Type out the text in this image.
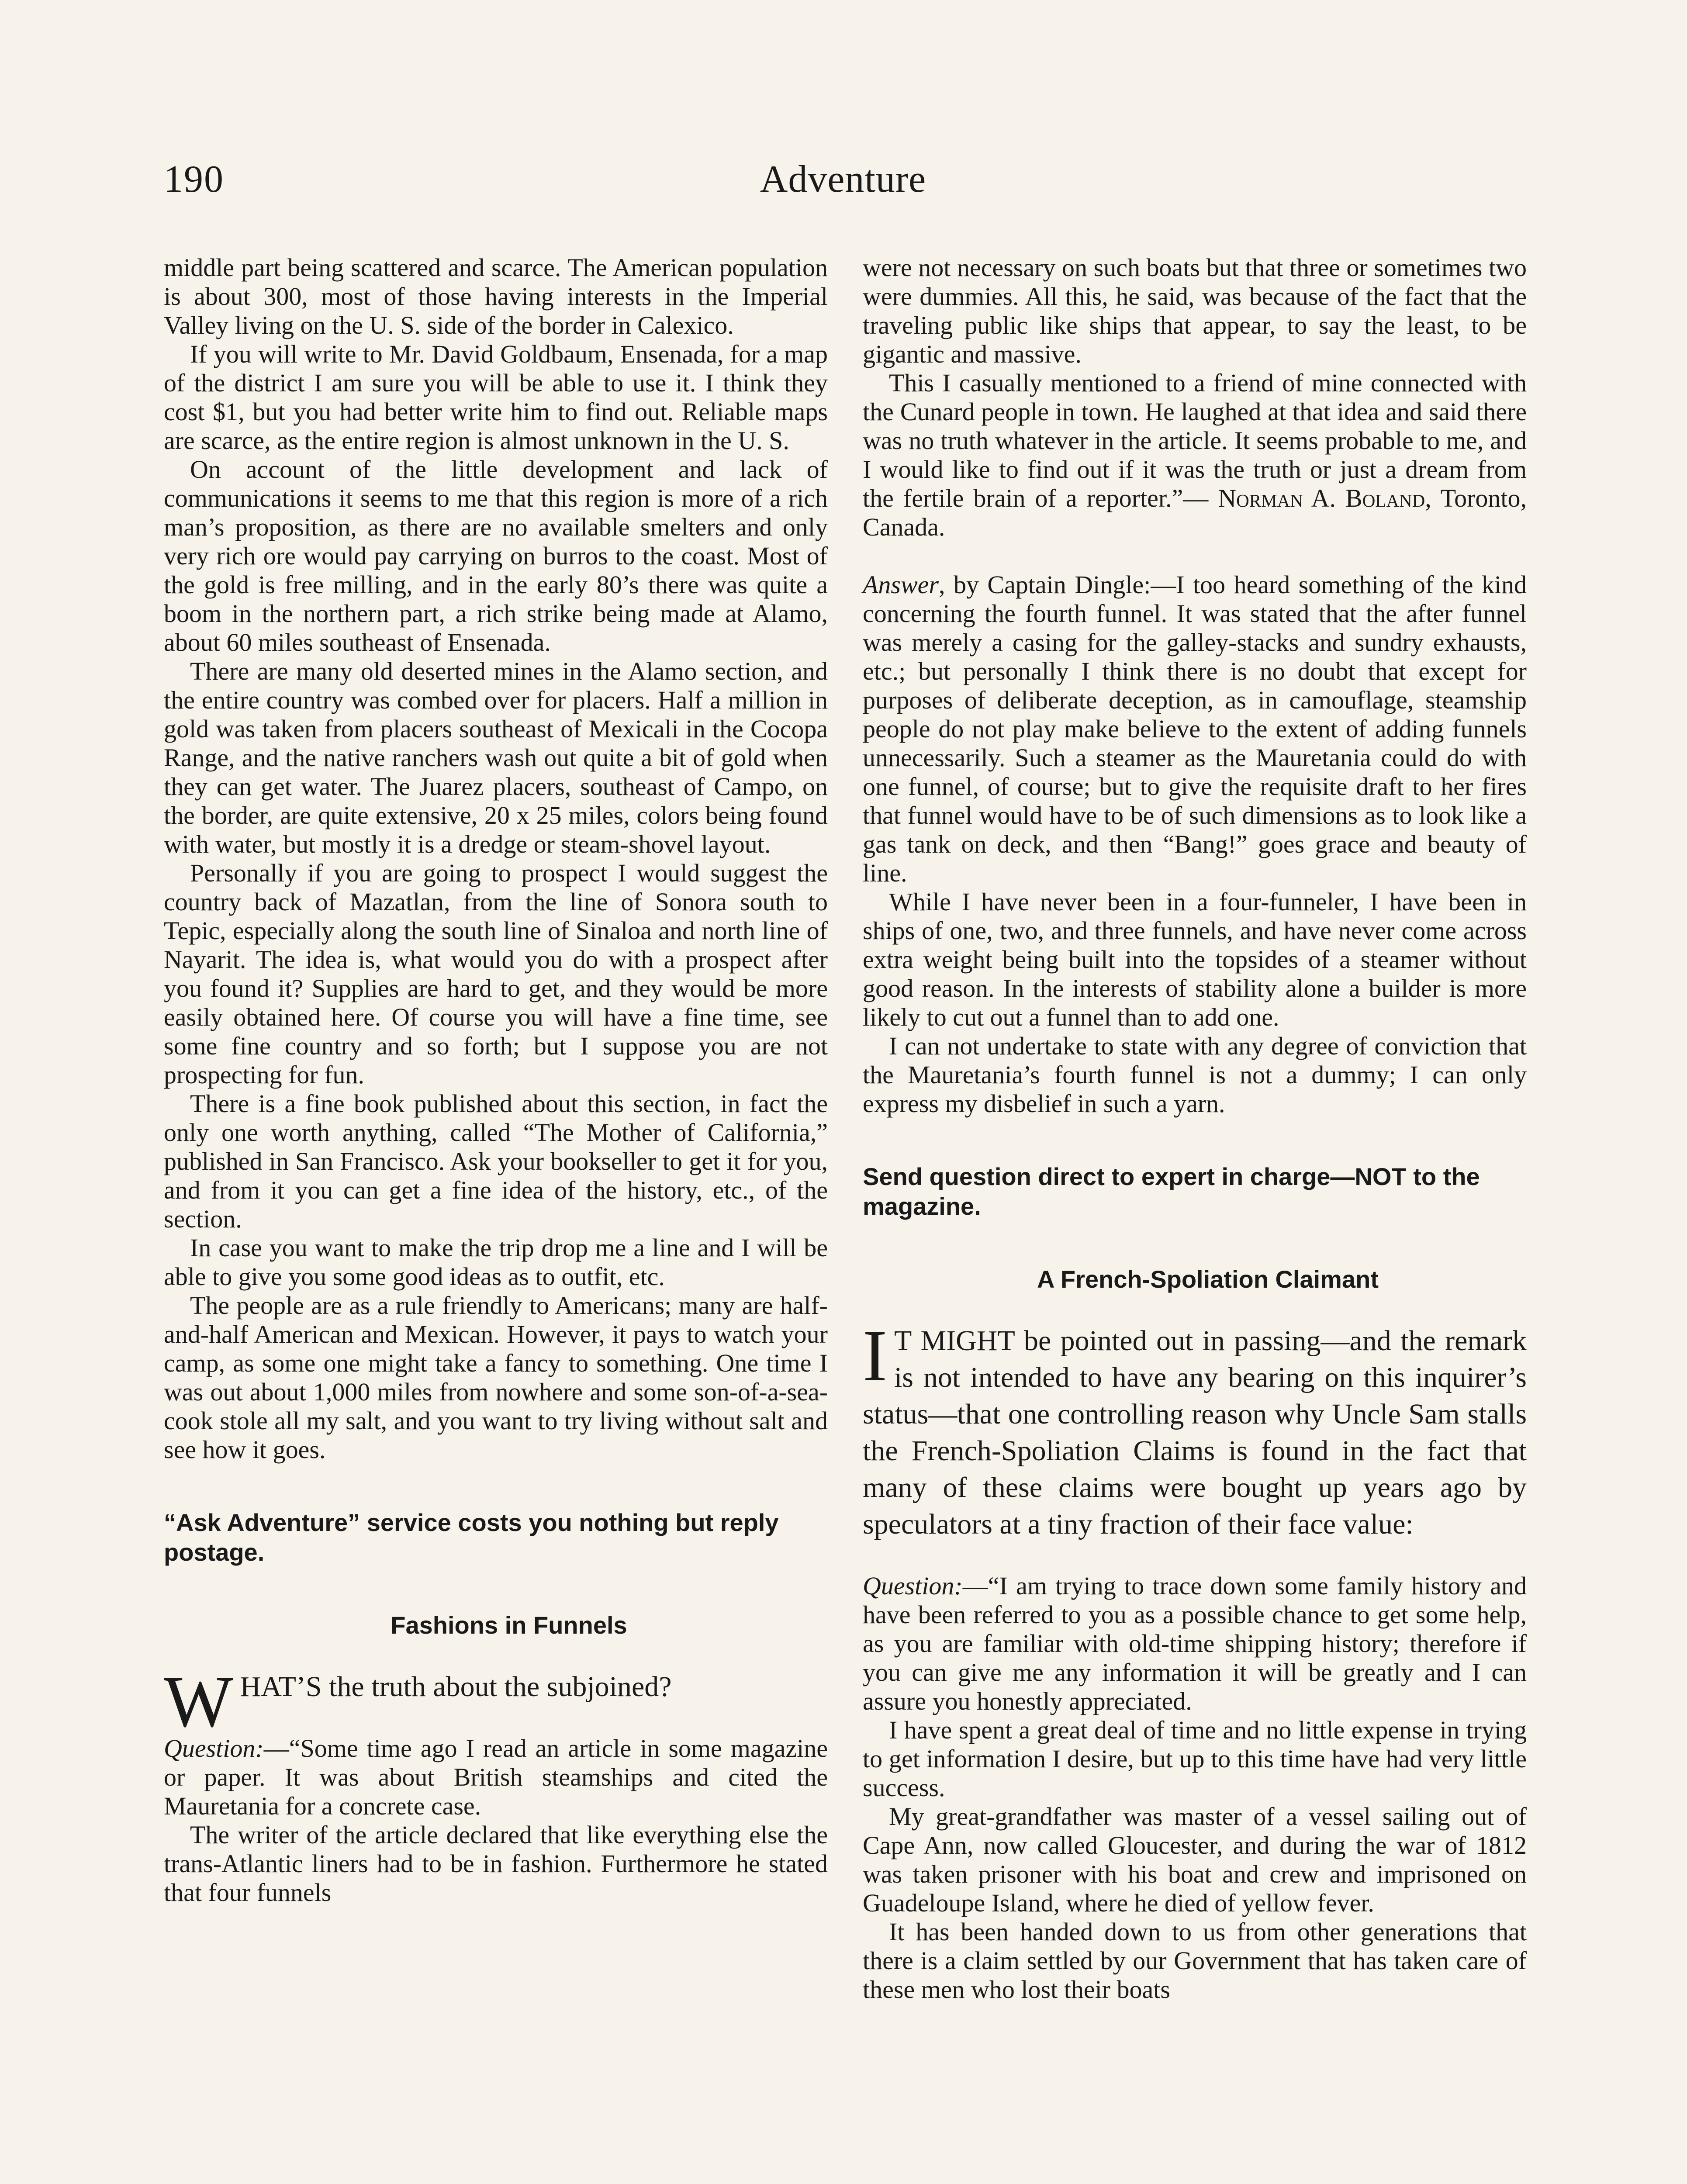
190	Adventure

middle part being scattered and scarce. The American population is about 300, most of those having interests in the Imperial Valley living on the U. S. side of the border in Calexico.

If you will write to Mr. David Goldbaum, Ensenada, for a map of the district I am sure you will be able to use it. I think they cost $1, but you had better write him to find out. Reliable maps are scarce, as the entire region is almost unknown in the U. S.

On account of the little development and lack of communications it seems to me that this region is more of a rich man’s proposition, as there are no available smelters and only very rich ore would pay carrying on burros to the coast. Most of the gold is free milling, and in the early 80’s there was quite a boom in the northern part, a rich strike being made at Alamo, about 60 miles southeast of Ensenada.

There are many old deserted mines in the Alamo section, and the entire country was combed over for placers. Half a million in gold was taken from placers southeast of Mexicali in the Cocopa Range, and the native ranchers wash out quite a bit of gold when they can get water. The Juarez placers, southeast of Campo, on the border, are quite extensive, 20 x 25 miles, colors being found with water, but mostly it is a dredge or steam-shovel layout.

Personally if you are going to prospect I would suggest the country back of Mazatlan, from the line of Sonora south to Tepic, especially along the south line of Sinaloa and north line of Nayarit. The idea is, what would you do with a prospect after you found it? Supplies are hard to get, and they would be more easily obtained here. Of course you will have a fine time, see some fine country and so forth; but I suppose you are not prospecting for fun.

There is a fine book published about this section, in fact the only one worth anything, called “The Mother of California,” published in San Francisco. Ask your bookseller to get it for you, and from it you can get a fine idea of the history, etc., of the section.

In case you want to make the trip drop me a line and I will be able to give you some good ideas as to outfit, etc.

The people are as a rule friendly to Americans; many are half-and-half American and Mexican. However, it pays to watch your camp, as some one might take a fancy to something. One time I was out about 1,000 miles from nowhere and some son-of-a-sea-cook stole all my salt, and you want to try living without salt and see how it goes.

“Ask Adventure” service costs you nothing but reply postage.

Fashions in Funnels

WHAT’S the truth about the subjoined?

Question:—“Some time ago I read an article in some magazine or paper. It was about British steamships and cited the Mauretania for a concrete case.

The writer of the article declared that like everything else the trans-Atlantic liners had to be in fashion. Furthermore he stated that four funnels

were not necessary on such boats but that three or sometimes two were dummies. All this, he said, was because of the fact that the traveling public like ships that appear, to say the least, to be gigantic and massive.

This I casually mentioned to a friend of mine connected with the Cunard people in town. He laughed at that idea and said there was no truth whatever in the article. It seems probable to me, and I would like to find out if it was the truth or just a dream from the fertile brain of a reporter.”— Norman A. Boland, Toronto, Canada.

Answer, by Captain Dingle:—I too heard something of the kind concerning the fourth funnel. It was stated that the after funnel was merely a casing for the galley-stacks and sundry exhausts, etc.; but personally I think there is no doubt that except for purposes of deliberate deception, as in camouflage, steamship people do not play make believe to the extent of adding funnels unnecessarily. Such a steamer as the Mauretania could do with one funnel, of course; but to give the requisite draft to her fires that funnel would have to be of such dimensions as to look like a gas tank on deck, and then “Bang!” goes grace and beauty of line.

While I have never been in a four-funneler, I have been in ships of one, two, and three funnels, and have never come across extra weight being built into the topsides of a steamer without good reason. In the interests of stability alone a builder is more likely to cut out a funnel than to add one.

I can not undertake to state with any degree of conviction that the Mauretania’s fourth funnel is not a dummy; I can only express my disbelief in such a yarn.

Send question direct to expert in charge—NOT to the magazine.

A French-Spoliation Claimant

I T MIGHT be pointed out in passing—and the remark is not intended to have any bearing on this inquirer’s status—that one controlling reason why Uncle Sam stalls the French-Spoliation Claims is found in the fact that many of these claims were bought up years ago by speculators at a tiny fraction of their face value:

Question:—“I am trying to trace down some family history and have been referred to you as a possible chance to get some help, as you are familiar with old-time shipping history; therefore if you can give me any information it will be greatly and I can assure you honestly appreciated.

I have spent a great deal of time and no little expense in trying to get information I desire, but up to this time have had very little success.

My great-grandfather was master of a vessel sailing out of Cape Ann, now called Gloucester, and during the war of 1812 was taken prisoner with his boat and crew and imprisoned on Guadeloupe Island, where he died of yellow fever.

It has been handed down to us from other generations that there is a claim settled by our Government that has taken care of these men who lost their boats
